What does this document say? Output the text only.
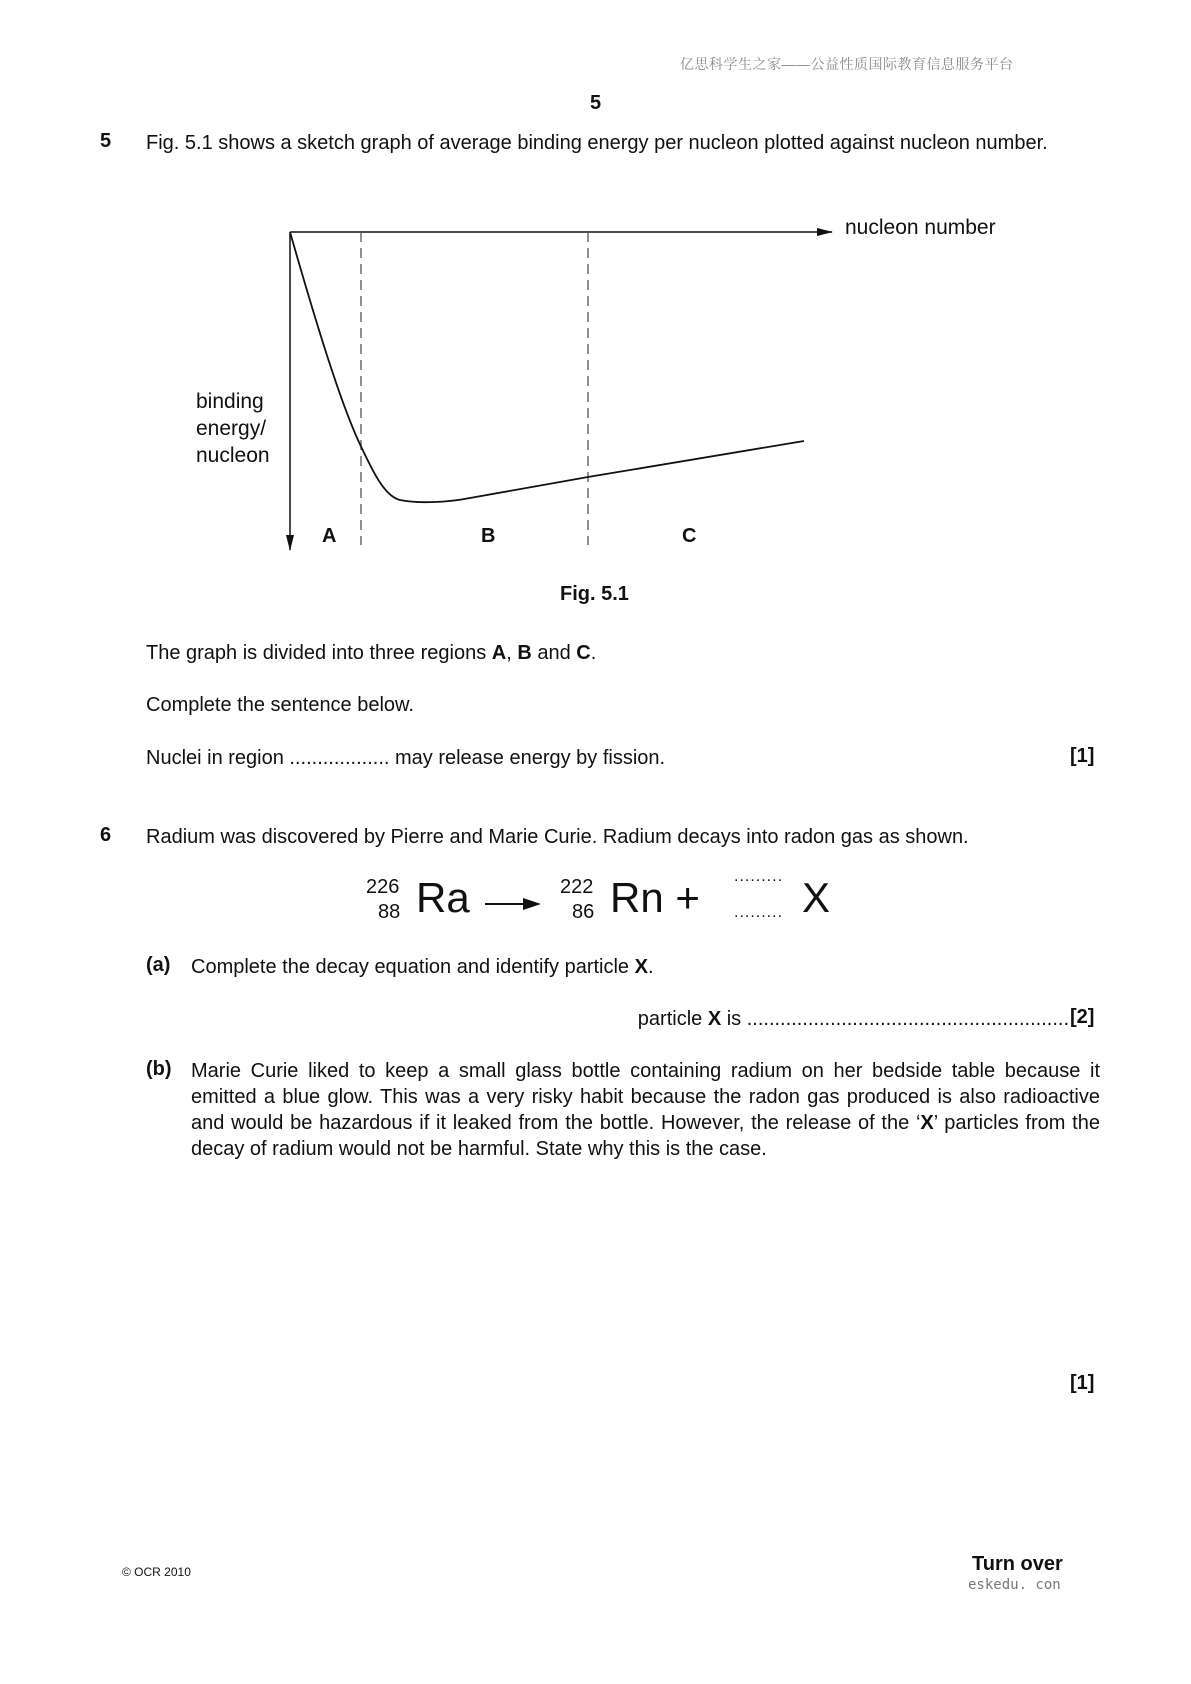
亿思科学生之家——公益性质国际教育信息服务平台
5
5 Fig. 5.1 shows a sketch graph of average binding energy per nucleon plotted against nucleon number.
nucleon number
binding
energy/
nucleon
A	B	C
Fig. 5.1
The graph is divided into three regions A, B and C.
Complete the sentence below.
Nuclei in region .................. may release energy by fission.	[1]
6 Radium was discovered by Pierre and Marie Curie. Radium decays into radon gas as shown.
226
88 Ra →
222
86 Rn + .........
......... X
(a) Complete the decay equation and identify particle X.
particle X is .......................................................... [2]
(b) Marie Curie liked to keep a small glass bottle containing radium on her bedside table because it emitted a blue glow. This was a very risky habit because the radon gas produced is also radioactive and would be hazardous if it leaked from the bottle. However, the release of the ‘X’ particles from the decay of radium would not be harmful. State why this is the case.
[1]
© OCR 2010	Turn over
eskedu. con
